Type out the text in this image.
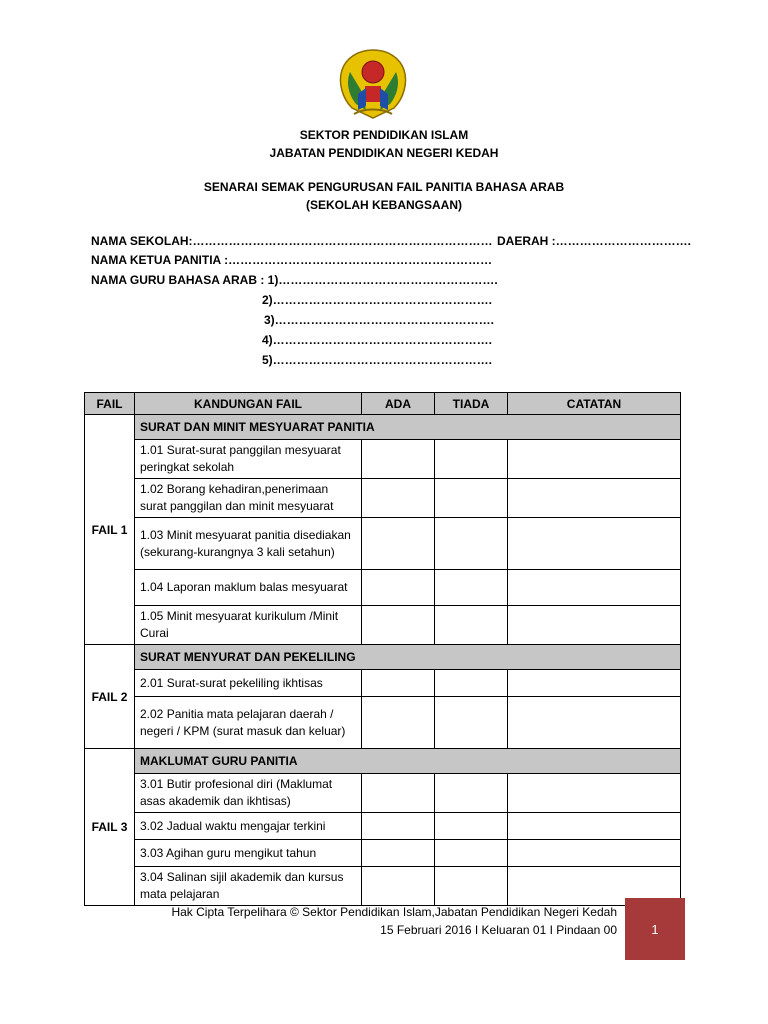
SEKTOR PENDIDIKAN ISLAM
JABATAN PENDIDIKAN NEGERI KEDAH
SENARAI SEMAK PENGURUSAN FAIL PANITIA BAHASA ARAB
(SEKOLAH KEBANGSAAN)
NAMA SEKOLAH:………………………………………………………………… DAERAH :…………………………….
NAMA KETUA PANITIA :…………………………………………………………
NAMA GURU BAHASA ARAB : 1)……………………………………………….
2)……………………………………………….
3)……………………………………………….
4)……………………………………………….
5)……………………………………………….
FAIL	KANDUNGAN FAIL	ADA	TIADA	CATATAN
FAIL 1	SURAT DAN MINIT MESYUARAT PANITIA			
	1.01 Surat-surat panggilan mesyuarat peringkat sekolah			
	1.02 Borang kehadiran,penerimaan surat panggilan dan minit mesyuarat			
	1.03 Minit mesyuarat panitia disediakan (sekurang-kurangnya 3 kali setahun)			
	1.04 Laporan maklum balas mesyuarat			
	1.05 Minit mesyuarat kurikulum /Minit Curai			
FAIL 2	SURAT MENYURAT DAN PEKELILING			
	2.01 Surat-surat pekeliling ikhtisas			
	2.02 Panitia mata pelajaran daerah / negeri / KPM (surat masuk dan keluar)			
FAIL 3	MAKLUMAT GURU PANITIA			
	3.01 Butir profesional diri (Maklumat asas akademik dan ikhtisas)			
	3.02 Jadual waktu mengajar terkini			
	3.03 Agihan guru mengikut tahun			
	3.04 Salinan sijil akademik dan kursus mata pelajaran			
Hak Cipta Terpelihara © Sektor Pendidikan Islam,Jabatan Pendidikan Negeri Kedah
15 Februari 2016 I Keluaran 01 I Pindaan 00	1
